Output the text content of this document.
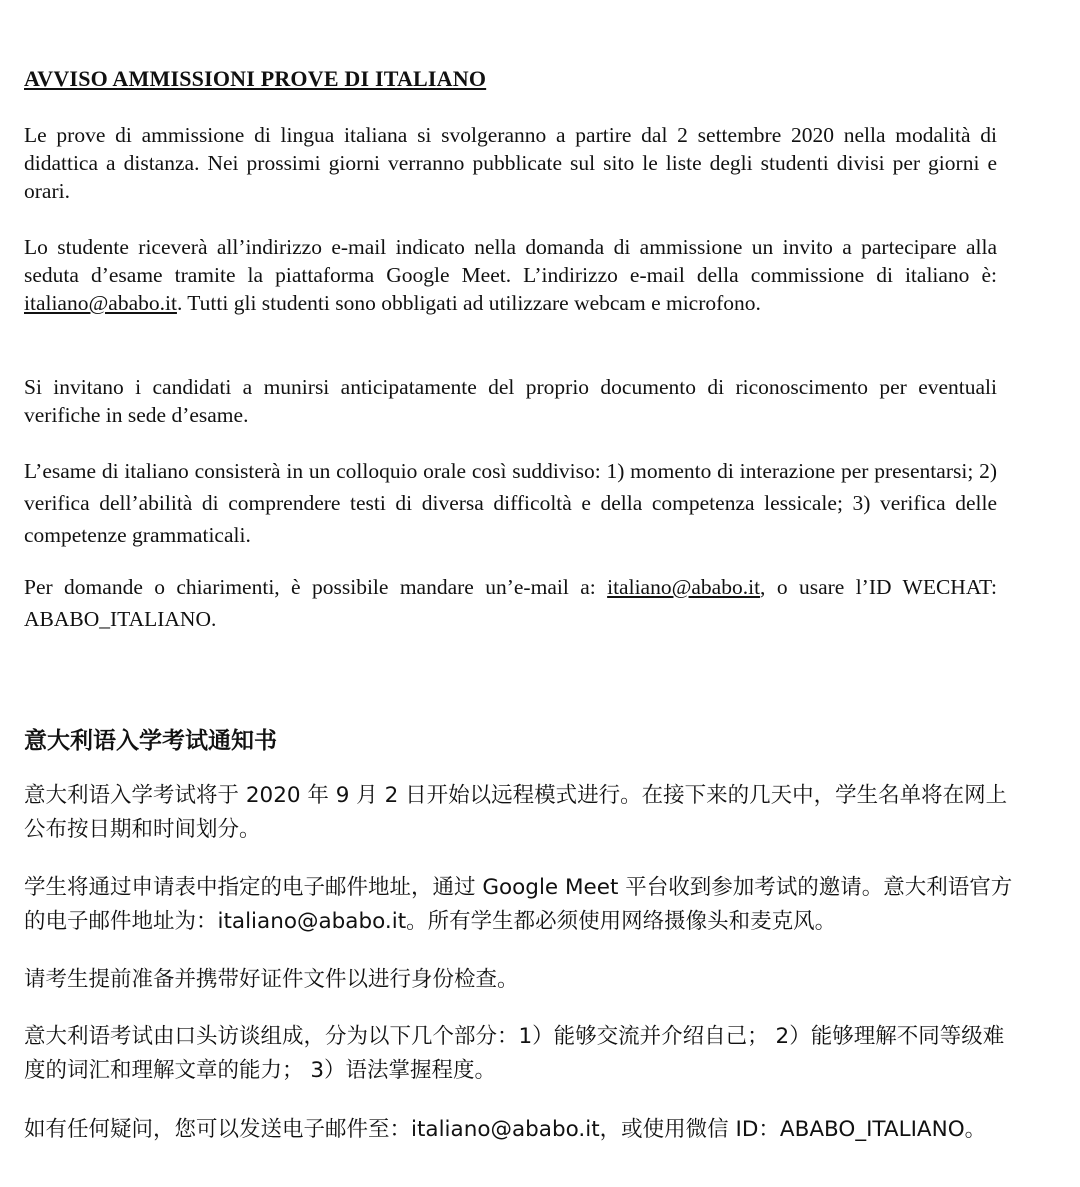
AVVISO AMMISSIONI PROVE DI ITALIANO

Le prove di ammissione di lingua italiana si svolgeranno a partire dal 2 settembre 2020 nella modalità di didattica a distanza. Nei prossimi giorni verranno pubblicate sul sito le liste degli studenti divisi per giorni e orari.

Lo studente riceverà all’indirizzo e-mail indicato nella domanda di ammissione un invito a partecipare alla seduta d’esame tramite la piattaforma Google Meet. L’indirizzo e-mail della commissione di italiano è: italiano@ababo.it. Tutti gli studenti sono obbligati ad utilizzare webcam e microfono.

Si invitano i candidati a munirsi anticipatamente del proprio documento di riconoscimento per eventuali verifiche in sede d’esame.

L’esame di italiano consisterà in un colloquio orale così suddiviso: 1) momento di interazione per presentarsi; 2) verifica dell’abilità di comprendere testi di diversa difficoltà e della competenza lessicale; 3) verifica delle competenze grammaticali.

Per domande o chiarimenti, è possibile mandare un’e-mail a: italiano@ababo.it, o usare l’ID WECHAT: ABABO_ITALIANO.

意大利语入学考试通知书

意大利语入学考试将于 2020 年 9 月 2 日开始以远程模式进行。在接下来的几天中，学生名单将在网上公布按日期和时间划分。

学生将通过申请表中指定的电子邮件地址，通过 Google Meet 平台收到参加考试的邀请。意大利语官方的电子邮件地址为：italiano@ababo.it。所有学生都必须使用网络摄像头和麦克风。

请考生提前准备并携带好证件文件以进行身份检查。

意大利语考试由口头访谈组成，分为以下几个部分：1）能够交流并介绍自己； 2）能够理解不同等级难度的词汇和理解文章的能力； 3）语法掌握程度。

如有任何疑问，您可以发送电子邮件至：italiano@ababo.it，或使用微信 ID：ABABO_ITALIANO。
